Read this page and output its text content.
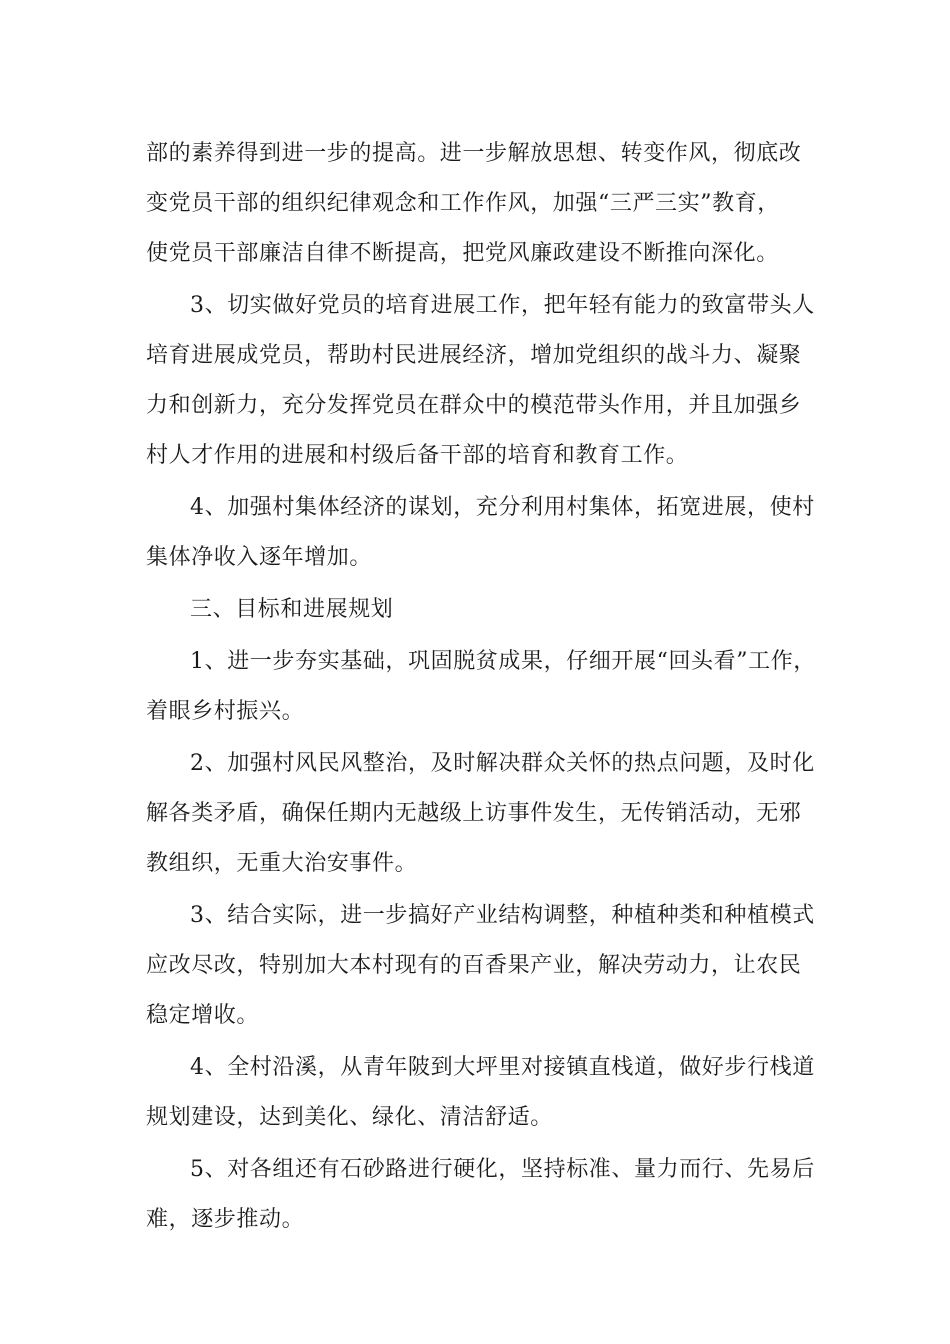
部的素养得到进一步的提高。进一步解放思想、转变作风，彻底改
变党员干部的组织纪律观念和工作作风，加强“三严三实”教育，
使党员干部廉洁自律不断提高，把党风廉政建设不断推向深化。
3、切实做好党员的培育进展工作，把年轻有能力的致富带头人
培育进展成党员，帮助村民进展经济，增加党组织的战斗力、凝聚
力和创新力，充分发挥党员在群众中的模范带头作用，并且加强乡
村人才作用的进展和村级后备干部的培育和教育工作。
4、加强村集体经济的谋划，充分利用村集体，拓宽进展，使村
集体净收入逐年增加。
三、目标和进展规划
1、进一步夯实基础，巩固脱贫成果，仔细开展“回头看”工作，
着眼乡村振兴。
2、加强村风民风整治，及时解决群众关怀的热点问题，及时化
解各类矛盾，确保任期内无越级上访事件发生，无传销活动，无邪
教组织，无重大治安事件。
3、结合实际，进一步搞好产业结构调整，种植种类和种植模式
应改尽改，特别加大本村现有的百香果产业，解决劳动力，让农民
稳定增收。
4、全村沿溪，从青年陂到大坪里对接镇直栈道，做好步行栈道
规划建设，达到美化、绿化、清洁舒适。
5、对各组还有石砂路进行硬化，坚持标准、量力而行、先易后
难，逐步推动。
